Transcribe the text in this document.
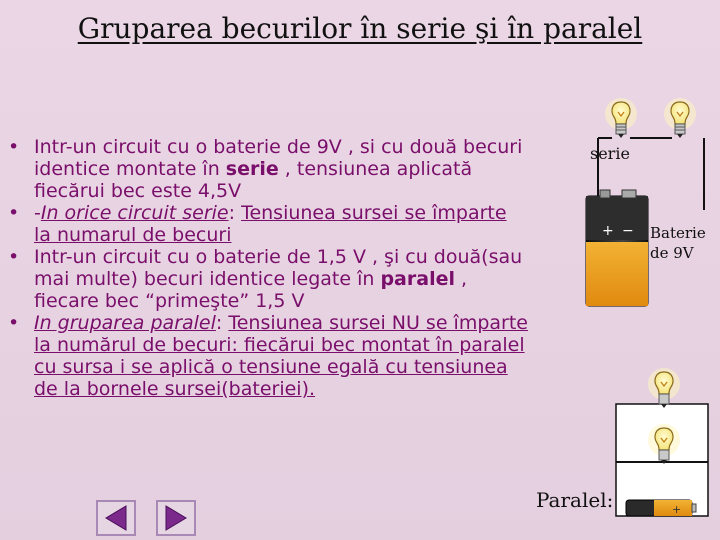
Gruparea becurilor în serie şi în paralel
• Intr-un circuit cu o baterie de 9V , si cu două becuri identice montate în serie , tensiunea aplicată fiecărui bec este 4,5V
• -In orice circuit serie: Tensiunea sursei se împarte la numarul de becuri
• Intr-un circuit cu o baterie de 1,5 V , şi cu două(sau mai multe) becuri identice legate în paralel , fiecare bec “primeşte” 1,5 V
• In gruparea paralel: Tensiunea sursei NU se împarte la numărul de becuri: fiecărui bec montat în paralel cu sursa i se aplică o tensiune egală cu tensiunea de la bornele sursei(bateriei).
+ −
+
serie
Baterie
de 9V
Paralel:
